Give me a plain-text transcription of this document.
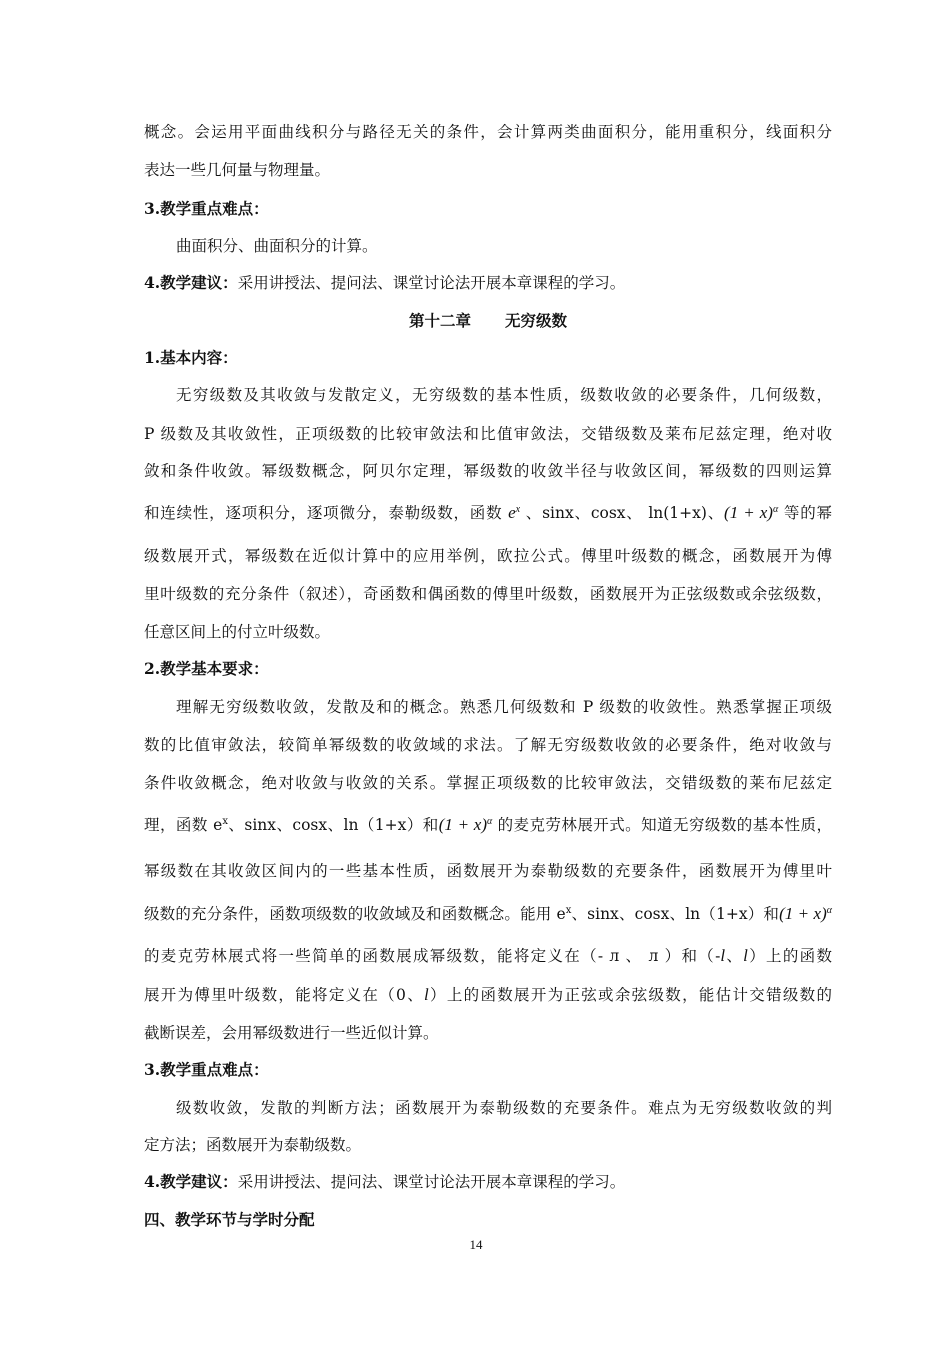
概念。会运用平面曲线积分与路径无关的条件，会计算两类曲面积分，能用重积分，线面积分
表达一些几何量与物理量。
3.教学重点难点：
曲面积分、曲面积分的计算。
4.教学建议：采用讲授法、提问法、课堂讨论法开展本章课程的学习。
第十二章 无穷级数
1.基本内容：
无穷级数及其收敛与发散定义，无穷级数的基本性质，级数收敛的必要条件，几何级数，
P 级数及其收敛性，正项级数的比较审敛法和比值审敛法，交错级数及莱布尼兹定理，绝对收
敛和条件收敛。幂级数概念，阿贝尔定理，幂级数的收敛半径与收敛区间，幂级数的四则运算
和连续性，逐项积分，逐项微分，泰勒级数，函数 $e^x$ 、sinx、cosx、 ln(1+x)、$(1 + x)^\alpha$ 等的幂
级数展开式，幂级数在近似计算中的应用举例，欧拉公式。傅里叶级数的概念，函数展开为傅
里叶级数的充分条件（叙述），奇函数和偶函数的傅里叶级数，函数展开为正弦级数或余弦级数，
任意区间上的付立叶级数。
2.教学基本要求：
理解无穷级数收敛，发散及和的概念。熟悉几何级数和 P 级数的收敛性。熟悉掌握正项级
数的比值审敛法，较简单幂级数的收敛域的求法。了解无穷级数收敛的必要条件，绝对收敛与
条件收敛概念，绝对收敛与收敛的关系。掌握正项级数的比较审敛法，交错级数的莱布尼兹定
理，函数 $e^x$、sinx、cosx、ln（1+x）和$(1 + x)^\alpha$ 的麦克劳林展开式。知道无穷级数的基本性质，
幂级数在其收敛区间内的一些基本性质，函数展开为泰勒级数的充要条件，函数展开为傅里叶
级数的充分条件，函数项级数的收敛域及和函数概念。能用 $e^x$、sinx、cosx、ln（1+x）和$(1 + x)^\alpha$
的麦克劳林展式将一些简单的函数展成幂级数，能将定义在（- л 、 л ）和（-l、l）上的函数
展开为傅里叶级数，能将定义在（0、l）上的函数展开为正弦或余弦级数，能估计交错级数的
截断误差，会用幂级数进行一些近似计算。
3.教学重点难点：
级数收敛，发散的判断方法；函数展开为泰勒级数的充要条件。难点为无穷级数收敛的判
定方法；函数展开为泰勒级数。
4.教学建议：采用讲授法、提问法、课堂讨论法开展本章课程的学习。
四、教学环节与学时分配
14
